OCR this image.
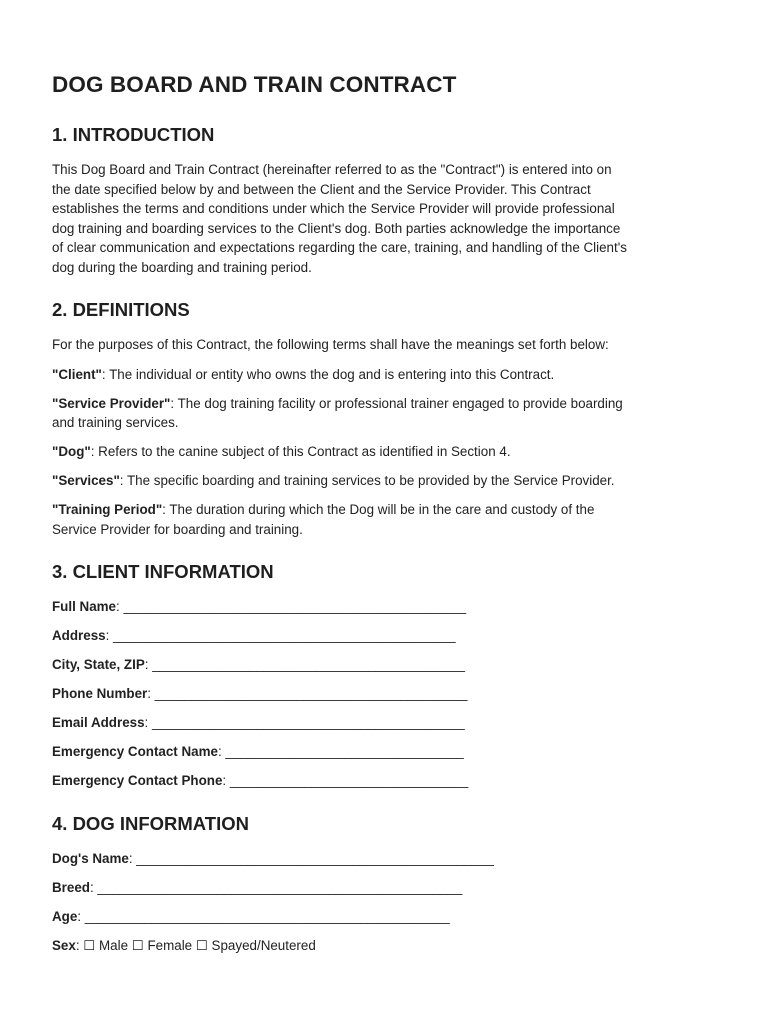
DOG BOARD AND TRAIN CONTRACT
1. INTRODUCTION

This Dog Board and Train Contract (hereinafter referred to as the "Contract") is entered into on
the date specified below by and between the Client and the Service Provider. This Contract
establishes the terms and conditions under which the Service Provider will provide professional
dog training and boarding services to the Client's dog. Both parties acknowledge the importance
of clear communication and expectations regarding the care, training, and handling of the Client's
dog during the boarding and training period.

2. DEFINITIONS

For the purposes of this Contract, the following terms shall have the meanings set forth below:

"Client": The individual or entity who owns the dog and is entering into this Contract.

"Service Provider": The dog training facility or professional trainer engaged to provide boarding
and training services.

"Dog": Refers to the canine subject of this Contract as identified in Section 4.

"Services": The specific boarding and training services to be provided by the Service Provider.

"Training Period": The duration during which the Dog will be in the care and custody of the
Service Provider for boarding and training.

3. CLIENT INFORMATION
Full Name: ______________________________________________
Address: ______________________________________________
City, State, ZIP: __________________________________________
Phone Number: __________________________________________
Email Address: __________________________________________
Emergency Contact Name: ________________________________
Emergency Contact Phone: ________________________________
4. DOG INFORMATION
Dog's Name: ________________________________________________
Breed: _________________________________________________
Age: _________________________________________________
Sex: ☐ Male ☐ Female ☐ Spayed/Neutered
